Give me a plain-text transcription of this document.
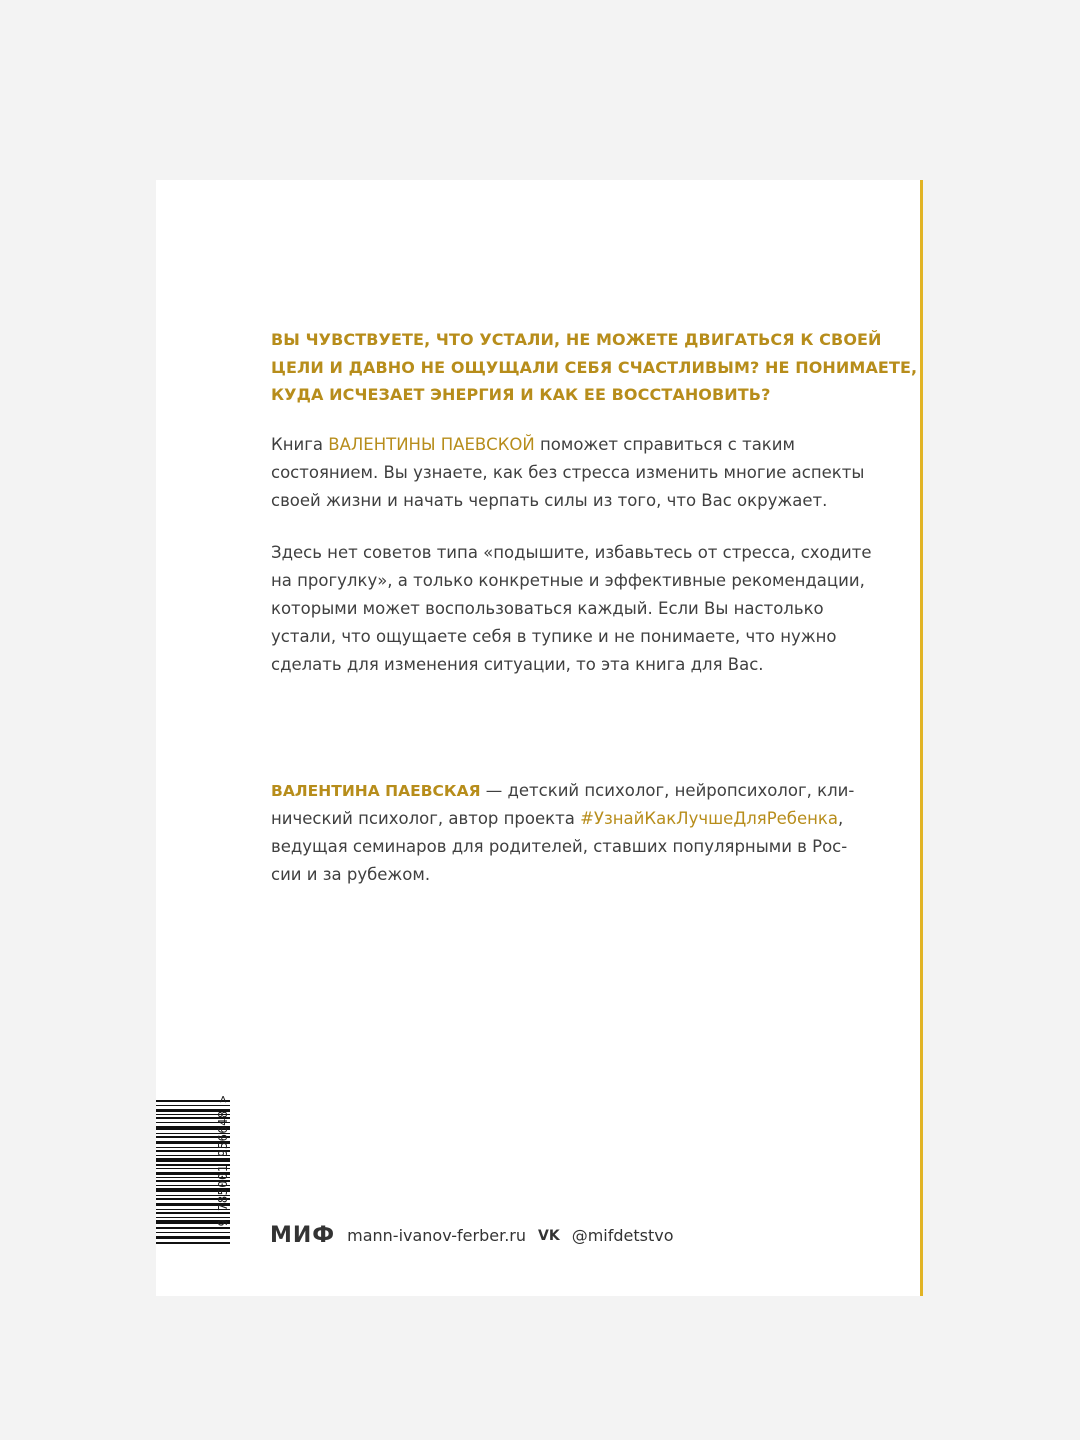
ВЫ ЧУВСТВУЕТЕ, ЧТО УСТАЛИ, НЕ МОЖЕТЕ ДВИГАТЬСЯ К СВОЕЙ
ЦЕЛИ И ДАВНО НЕ ОЩУЩАЛИ СЕБЯ СЧАСТЛИВЫМ? НЕ ПОНИМАЕТЕ,
КУДА ИСЧЕЗАЕТ ЭНЕРГИЯ И КАК ЕЕ ВОССТАНОВИТЬ?

Книга ВАЛЕНТИНЫ ПАЕВСКОЙ поможет справиться с таким
состоянием. Вы узнаете, как без стресса изменить многие аспекты
своей жизни и начать черпать силы из того, что Вас окружает.

Здесь нет советов типа «подышите, избавьтесь от стресса, сходите
на прогулку», а только конкретные и эффективные рекомендации,
которыми может воспользоваться каждый. Если Вы настолько
устали, что ощущаете себя в тупике и не понимаете, что нужно
сделать для изменения ситуации, то эта книга для Вас.

ВАЛЕНТИНА ПАЕВСКАЯ — детский психолог, нейропсихолог, кли-
нический психолог, автор проекта #УзнайКакЛучшеДляРебенка,
ведущая семинаров для родителей, ставших популярными в Рос-
сии и за рубежом.

9 785001 956648 >
МИФ mann-ivanov-ferber.ru VK @mifdetstvo
